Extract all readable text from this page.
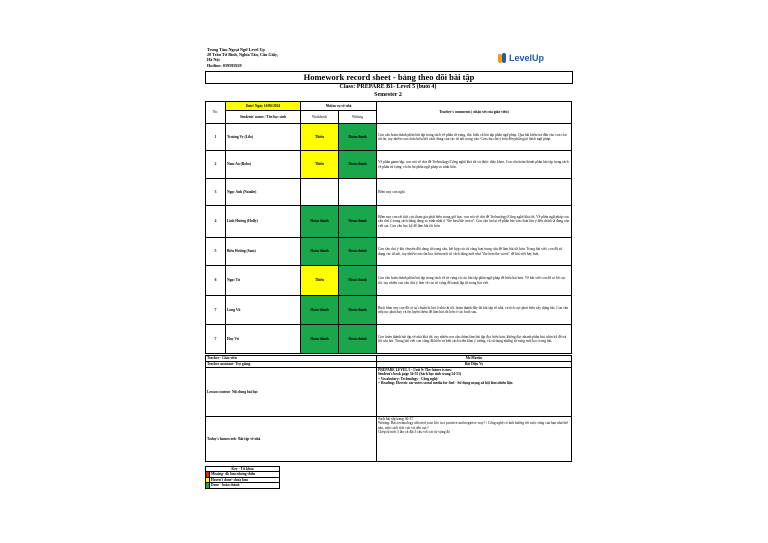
Trung Tâm Ngoại Ngữ Level Up
20 Trần Tử Bình, Nghĩa Tân, Cầu Giấy,
Hà Nội
Hotline: 039595929
LevelUp
Homework record sheet - bảng theo dõi bài tập
Class: PREPARE B1- Level 5 (buổi 4)
Semester 2
No.	Date/ Ngày 16/06/2024	Nhiệm vụ về nhà		Teacher's comments ( nhận xét của giáo viên)
	Students' name / Tên học sinh	Workbook	Writing	
1	Trương Vy (Lilo)	Thiếu	Hoàn thành	Con cần hoàn thành phần bài tập trong sách về phần từ vựng, đọc hiểu và bài tập phần ngữ pháp. Qua bài kiểm tra đầu vào con còn rất ổn, tuy nhiên con chưa hiểu hết cách dùng của các từ nối trong câu. Con cần chú ý hơn đến phần giải thích ngữ pháp.
2	Nam An (Bobo)	Thiếu	Hoàn thành	Về phần game/tập, con nói về chủ đề Technology/Công nghệ khá tốt và được thầy khen. Con cần hoàn thành phần bài tập trong sách về phần từ vựng, và ôn lại phần ngữ pháp so sánh hơn.
3	Ngọc Anh (Natalie)			Hôm nay con nghỉ
4	Linh Hương (Holly)	Hoàn thành	Hoàn thành	Hôm nay con rất tích cực tham gia phát biểu trong giờ học, con nói về chủ đề Technology/Công nghệ khá tốt. Về phần ngữ pháp con cần chú ý trong cách dùng dạng so sánh nhất ở "the best/the worst". Con cần ôn lại về phần bài văn chưa lưu ý đến chính tả đang còn viết sai. Con cần học kỹ để làm bài tốt hơn.
5	Biên Hướng (Sam)	Hoàn thành	Hoàn thành	Con cần chú ý khi chuyển đổi dạng từ trong câu, kết hợp các từ cùng loại trong câu để làm bài tốt hơn. Trong bài viết, con đã sử dụng các từ nối, tuy nhiên con cần học thêm một số cách dùng mới như "the best/the worst" để bài viết hay hơn.
6	Ngọc Tú	Thiếu	Hoàn thành	Con cần hoàn thành phần bài tập trong sách về từ vựng và các bài tập phần ngữ pháp để hiểu bài hơn. Về bài viết con đã có bố cục tốt, tuy nhiên con cần chú ý hơn về các từ vựng để tránh lặp từ trong bài viết.
7	Long Vũ	Hoàn thành	Hoàn thành	Buổi hôm nay con đã có sự chuẩn bị bài ở nhà rất tốt, hoàn thành đầy đủ bài tập về nhà, và tích cực phát biểu xây dựng bài. Con cần tiếp tục phát huy và ôn luyện thêm để làm bài tốt hơn ở các buổi sau.
7	Huy Vũ	Hoàn thành	Hoàn thành	Con hoàn thành bài tập về nhà khá tốt, tuy nhiên con cần chăm làm bài tập đọc hiểu hơn, không đọc nhanh phần bài, nhìn kỹ để trả lời câu hỏi. Trong bài viết con cũng đã hiểu và biết cách triển khai ý tưởng, và sử dụng những từ vựng mới học trong bài.
Teacher - Giáo viên	Mr.Martin
Teacher assistant- Trợ giảng	Bùi Diệu Vy
Lesson content- Nội dung bài học	PREPARE LEVEL 5 - Unit 9: The future is now
Student's book page 54-55 (Sách học sinh trang 54-55)
+ Vocabulary: Technology - Công nghệ
+ Reading: Electric car users social media for fuel - Sử dụng mạng xã hội làm nhiên liệu

Today's homework- Bài tập về nhà	Sách bài tập trang 36-37
Writing: Has technology affected your life in a positive and negative way? / Công nghệ có ảnh hưởng tới cuộc sống của bạn như thế nào, một cách tích cực và tiêu cực?
Chép từ mới 3 lần và đặt 3 câu với các từ vựng đó
Key - Từ khóa	
	Missing- dk làm nhưng thiếu
	Haven't done- chưa làm
	Done - hoàn thành
